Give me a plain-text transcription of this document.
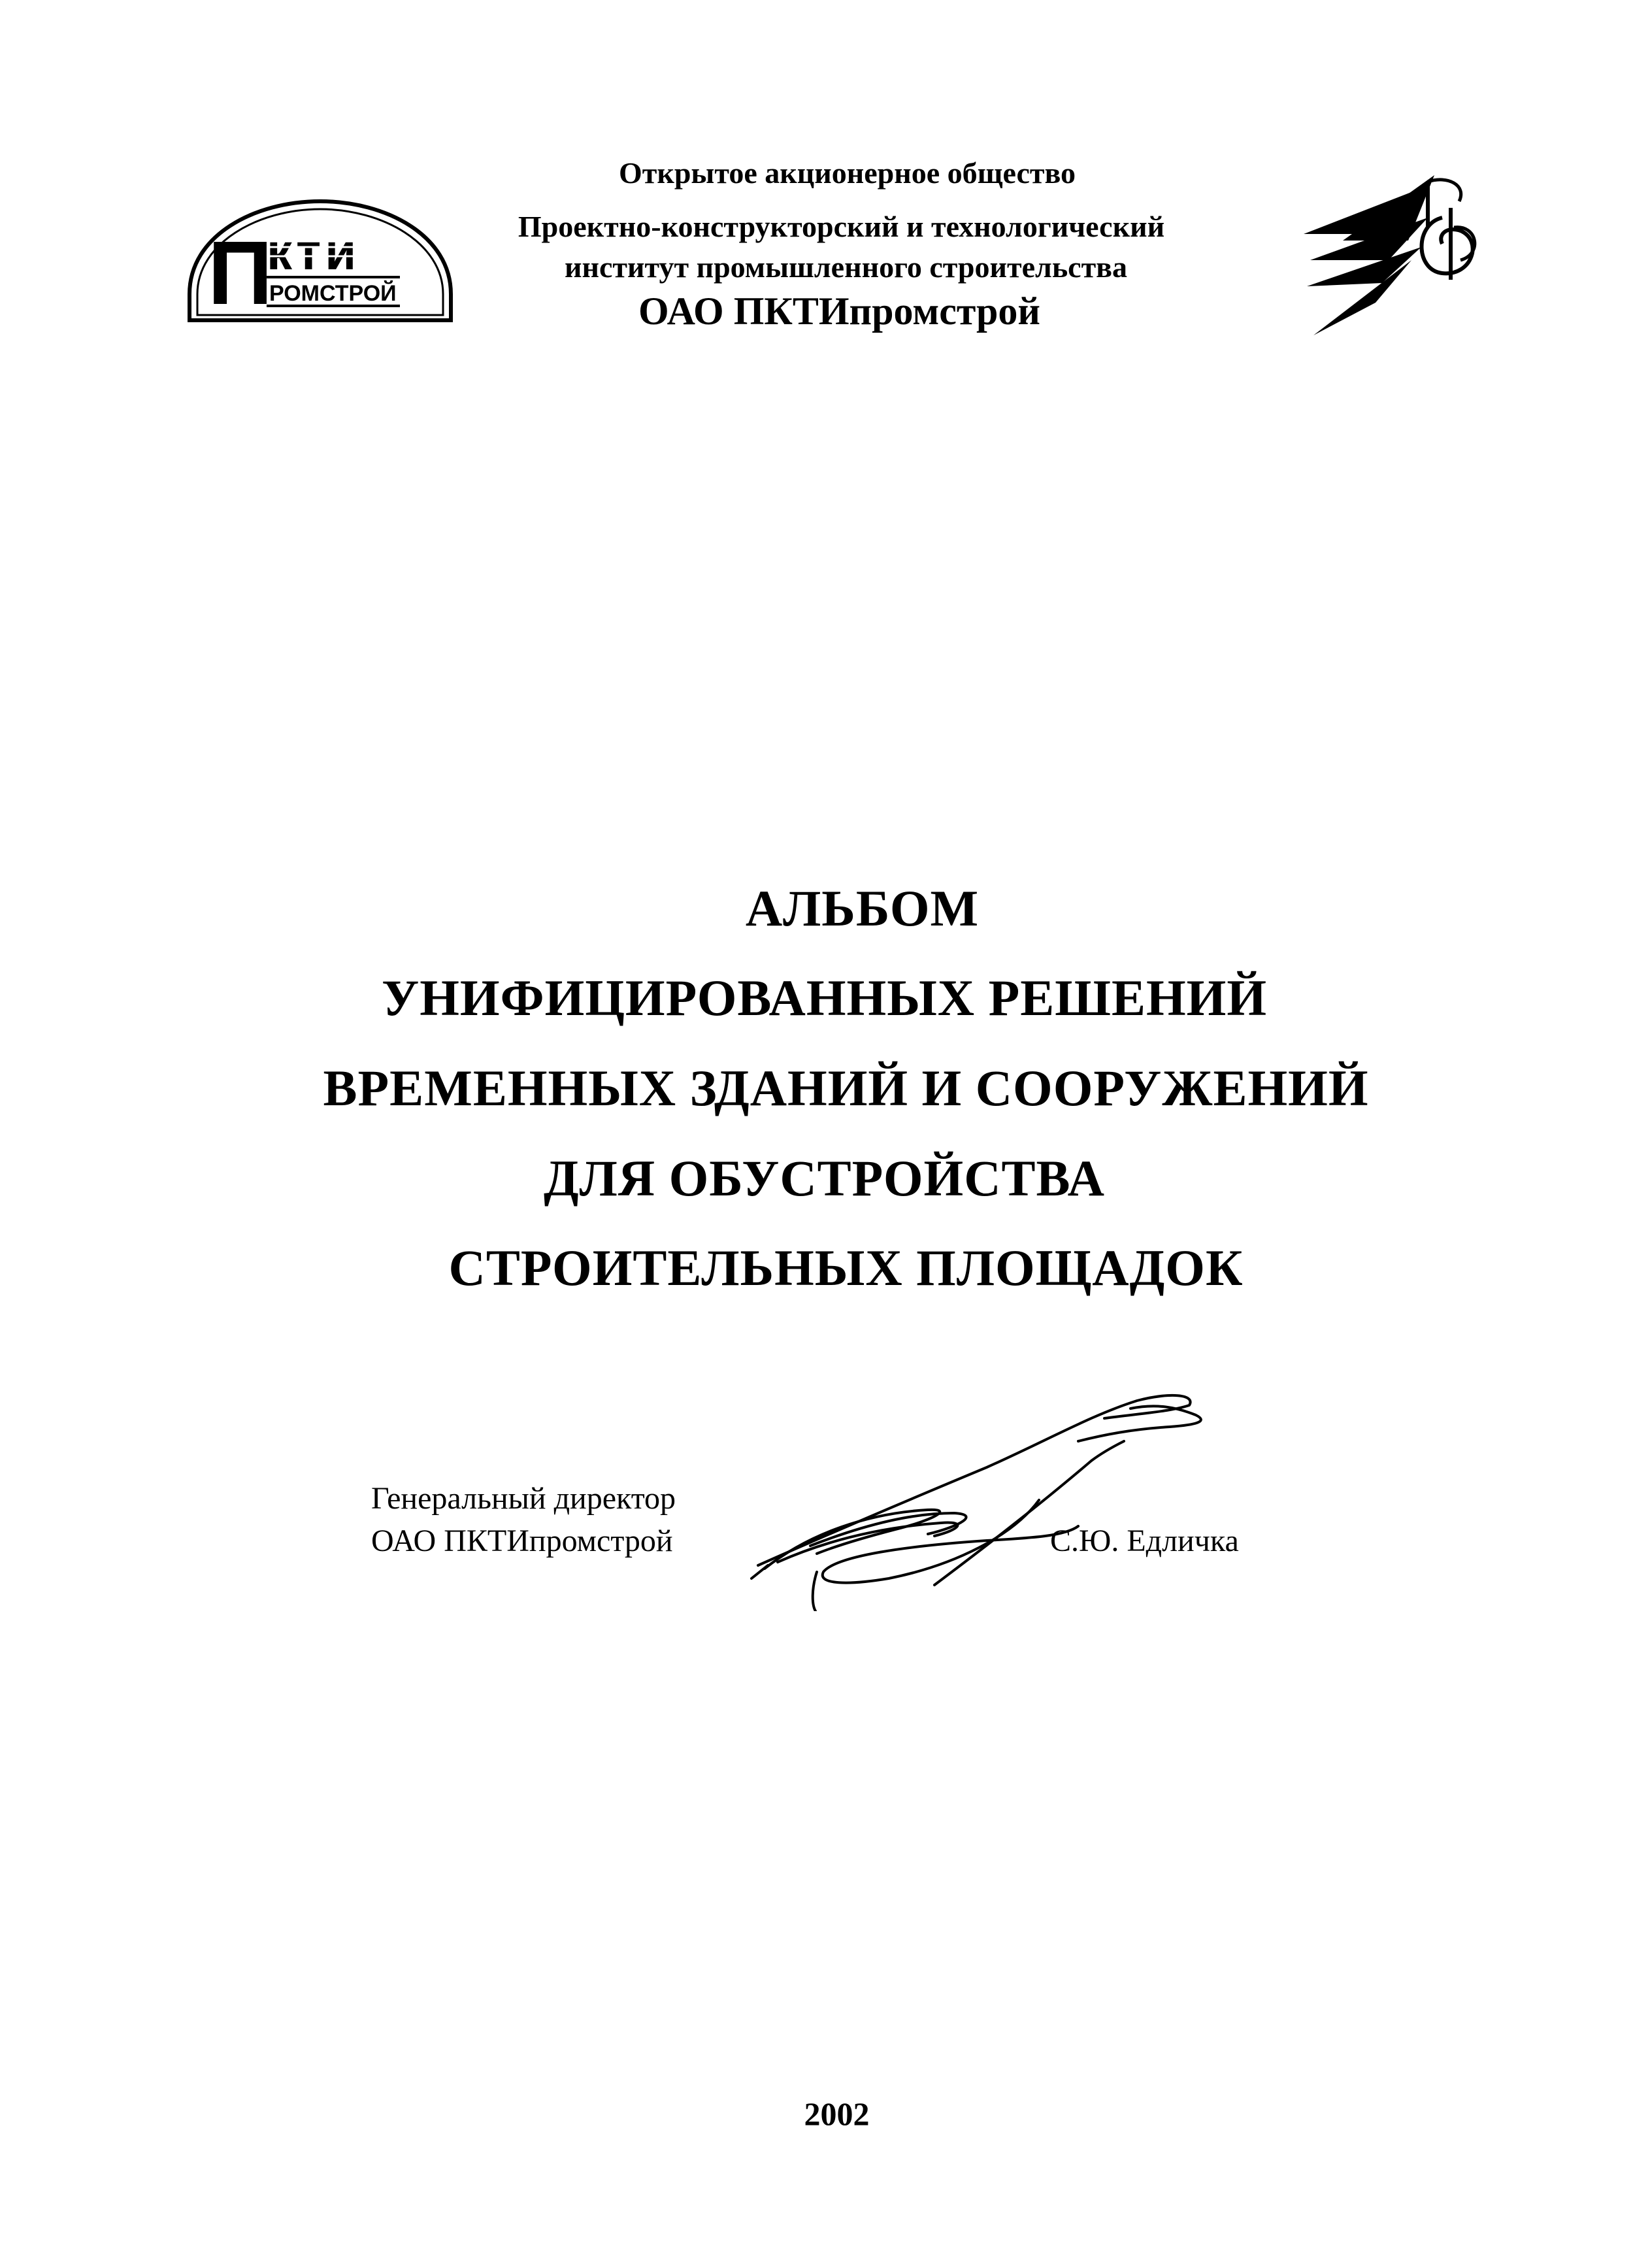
Открытое акционерное общество
Проектно-конструкторский и технологический
институт промышленного строительства
ОАО ПКТИпромстрой
П
кти
РОМСТРОЙ
АЛЬБОМ
УНИФИЦИРОВАННЫХ РЕШЕНИЙ
ВРЕМЕННЫХ ЗДАНИЙ И СООРУЖЕНИЙ
ДЛЯ ОБУСТРОЙСТВА
СТРОИТЕЛЬНЫХ ПЛОЩАДОК
Генеральный директор
ОАО ПКТИпромстрой	С.Ю. Едличка
2002
